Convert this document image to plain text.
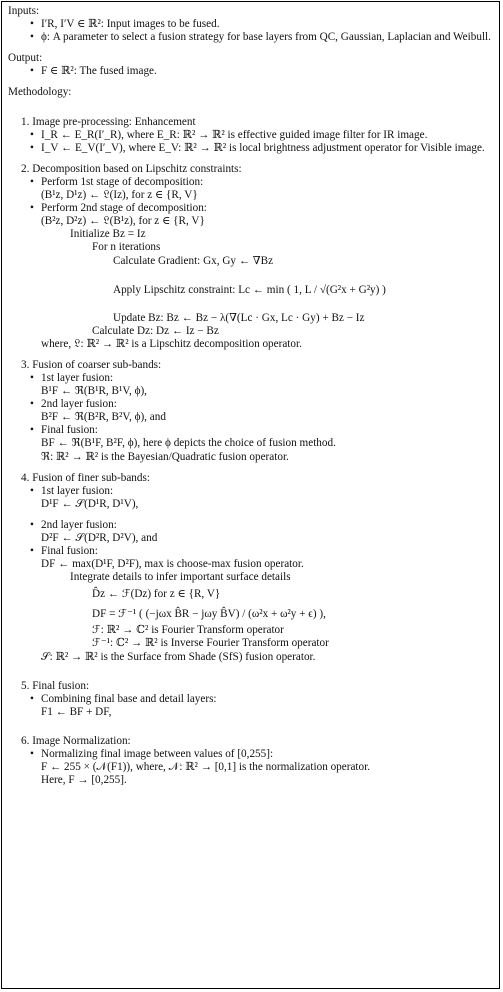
Inputs:
• I′R, I′V ∈ ℝ²: Input images to be fused.
• ϕ: A parameter to select a fusion strategy for base layers from QC, Gaussian, Laplacian and Weibull.
Output:
• F ∈ ℝ²: The fused image.
Methodology:
1. Image pre-processing: Enhancement
• I_R ← E_R(I′_R), where E_R: ℝ² → ℝ² is effective guided image filter for IR image.
• I_V ← E_V(I′_V), where E_V: ℝ² → ℝ² is local brightness adjustment operator for Visible image.
2. Decomposition based on Lipschitz constraints:
• Perform 1st stage of decomposition:
(B¹z, D¹z) ← 𝔏(Iz), for z ∈ {R, V}
• Perform 2nd stage of decomposition:
(B²z, D²z) ← 𝔏(B¹z), for z ∈ {R, V}
Initialize Bz = Iz
For n iterations
Calculate Gradient: Gx, Gy ← ∇Bz
Apply Lipschitz constraint: Lc ← min ( 1, L / √(G²x + G²y) )
Update Bz: Bz ← Bz − λ(∇(Lc · Gx, Lc · Gy) + Bz − Iz
Calculate Dz: Dz ← Iz − Bz
where, 𝔏: ℝ² → ℝ² is a Lipschitz decomposition operator.
3. Fusion of coarser sub-bands:
• 1st layer fusion:
B¹F ← ℜ(B¹R, B¹V, ϕ),
• 2nd layer fusion:
B²F ← ℜ(B²R, B²V, ϕ), and
• Final fusion:
BF ← ℜ(B¹F, B²F, ϕ), here ϕ depicts the choice of fusion method.
ℜ: ℝ² → ℝ² is the Bayesian/Quadratic fusion operator.
4. Fusion of finer sub-bands:
• 1st layer fusion:
D¹F ← 𝒮(D¹R, D¹V),
• 2nd layer fusion:
D²F ← 𝒮(D²R, D²V), and
• Final fusion:
DF ← max(D¹F, D²F), max is choose-max fusion operator.
Integrate details to infer important surface details
D̂z ← ℱ(Dz) for z ∈ {R, V}
DF = ℱ⁻¹ ( (−jωx B̂R − jωy B̂V) / (ω²x + ω²y + ϵ) ),
ℱ: ℝ² → ℂ² is Fourier Transform operator
ℱ⁻¹: ℂ² → ℝ² is Inverse Fourier Transform operator
𝒮: ℝ² → ℝ² is the Surface from Shade (SfS) fusion operator.
5. Final fusion:
• Combining final base and detail layers:
F1 ← BF + DF,
6. Image Normalization:
• Normalizing final image between values of [0,255]:
F ← 255 × (𝒩(F1)), where, 𝒩: ℝ² → [0,1] is the normalization operator.
Here, F → [0,255].
